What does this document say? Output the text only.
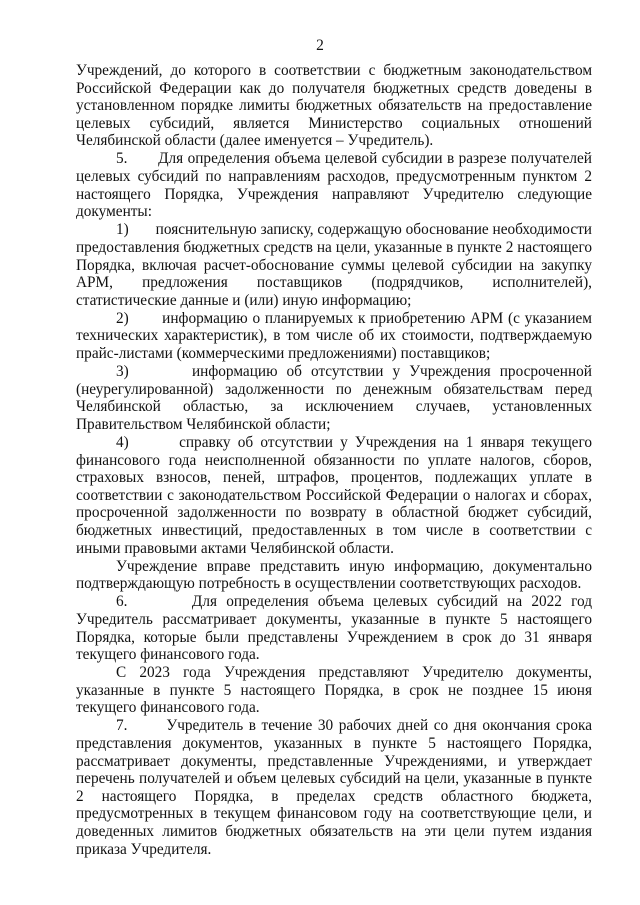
2

Учреждений, до которого в соответствии с бюджетным законодательством Российской Федерации как до получателя бюджетных средств доведены в установленном порядке лимиты бюджетных обязательств на предоставление целевых субсидий, является Министерство социальных отношений Челябинской области (далее именуется – Учредитель).

5.       Для определения объема целевой субсидии в разрезе получателей целевых субсидий по направлениям расходов, предусмотренным пунктом 2 настоящего Порядка, Учреждения направляют Учредителю следующие документы:

1)       пояснительную записку, содержащую обоснование необходимости предоставления бюджетных средств на цели, указанные в пункте 2 настоящего Порядка, включая расчет-обоснование суммы целевой субсидии на закупку АРМ, предложения поставщиков (подрядчиков, исполнителей), статистические данные и (или) иную информацию;

2)       информацию о планируемых к приобретению АРМ (с указанием технических характеристик), в том числе об их стоимости, подтверждаемую прайс-листами (коммерческими предложениями) поставщиков;

3)       информацию об отсутствии у Учреждения просроченной (неурегулированной) задолженности по денежным обязательствам перед Челябинской областью, за исключением случаев, установленных Правительством Челябинской области;

4)       справку об отсутствии у Учреждения на 1 января текущего финансового года неисполненной обязанности по уплате налогов, сборов, страховых взносов, пеней, штрафов, процентов, подлежащих уплате в соответствии с законодательством Российской Федерации о налогах и сборах, просроченной задолженности по возврату в областной бюджет субсидий, бюджетных инвестиций, предоставленных в том числе в соответствии с иными правовыми актами Челябинской области.

Учреждение вправе представить иную информацию, документально подтверждающую потребность в осуществлении соответствующих расходов.

6.       Для определения объема целевых субсидий на 2022 год Учредитель рассматривает документы, указанные в пункте 5 настоящего Порядка, которые были представлены Учреждением в срок до 31 января текущего финансового года.

С 2023 года Учреждения представляют Учредителю документы, указанные в пункте 5 настоящего Порядка, в срок не позднее 15 июня текущего финансового года.

7.       Учредитель в течение 30 рабочих дней со дня окончания срока представления документов, указанных в пункте 5 настоящего Порядка, рассматривает документы, представленные Учреждениями, и утверждает перечень получателей и объем целевых субсидий на цели, указанные в пункте 2 настоящего Порядка, в пределах средств областного бюджета, предусмотренных в текущем финансовом году на соответствующие цели, и доведенных лимитов бюджетных обязательств на эти цели путем издания приказа Учредителя.
